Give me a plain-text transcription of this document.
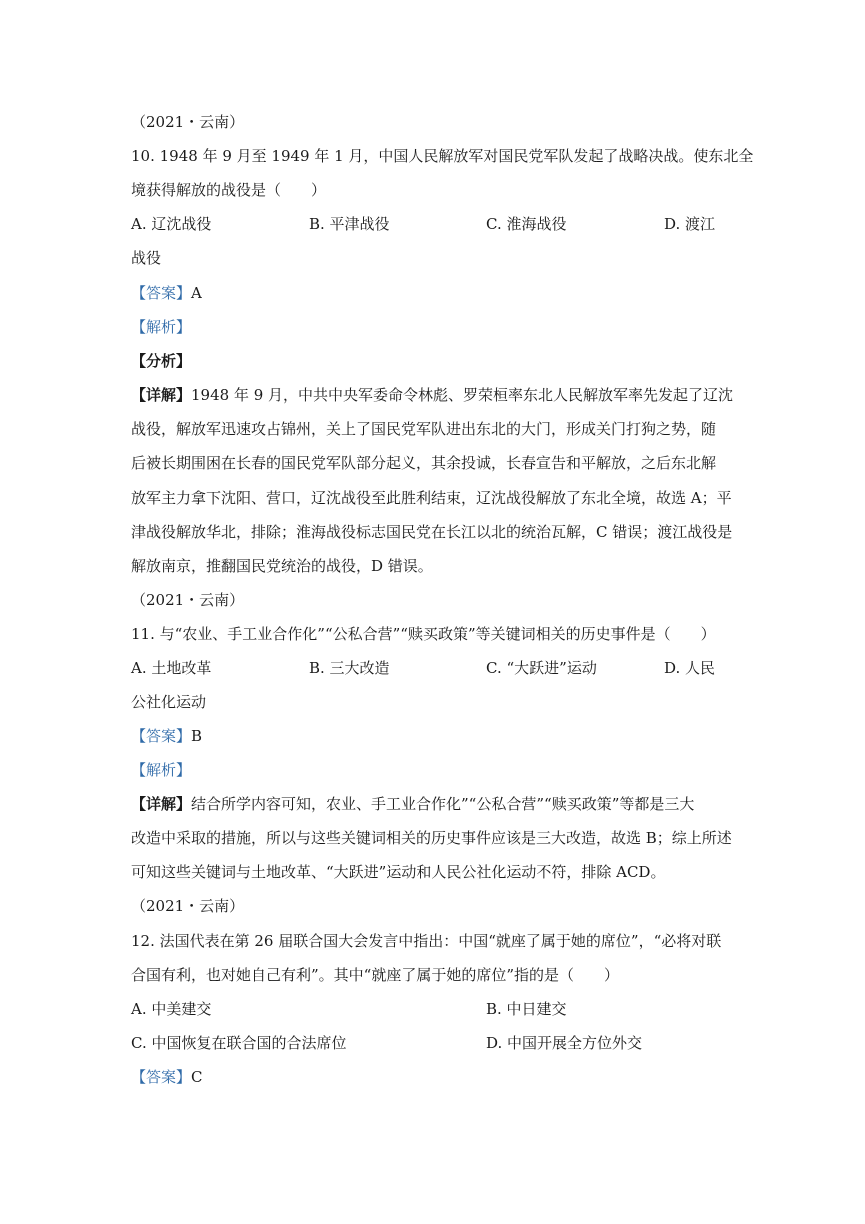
（2021・云南）
10. 1948 年 9 月至 1949 年 1 月，中国人民解放军对国民党军队发起了战略决战。使东北全
境获得解放的战役是（　　）
A. 辽沈战役	B. 平津战役	C. 淮海战役	D. 渡江
战役
【答案】A
【解析】
【分析】
【详解】1948 年 9 月，中共中央军委命令林彪、罗荣桓率东北人民解放军率先发起了辽沈
战役，解放军迅速攻占锦州，关上了国民党军队进出东北的大门，形成关门打狗之势，随
后被长期围困在长春的国民党军队部分起义，其余投诚，长春宣告和平解放，之后东北解
放军主力拿下沈阳、营口，辽沈战役至此胜利结束，辽沈战役解放了东北全境，故选 A；平
津战役解放华北，排除；淮海战役标志国民党在长江以北的统治瓦解，C 错误；渡江战役是
解放南京，推翻国民党统治的战役，D 错误。
（2021・云南）
11. 与“农业、手工业合作化”“公私合营”“赎买政策”等关键词相关的历史事件是（　　）
A. 土地改革	B. 三大改造	C. “大跃进”运动	D. 人民
公社化运动
【答案】B
【解析】
【详解】结合所学内容可知，农业、手工业合作化”“公私合营”“赎买政策”等都是三大
改造中采取的措施，所以与这些关键词相关的历史事件应该是三大改造，故选 B；综上所述
可知这些关键词与土地改革、“大跃进”运动和人民公社化运动不符，排除 ACD。
（2021・云南）
12. 法国代表在第 26 届联合国大会发言中指出：中国“就座了属于她的席位”，“必将对联
合国有利，也对她自己有利”。其中“就座了属于她的席位”指的是（　　）
A. 中美建交	B. 中日建交
C. 中国恢复在联合国的合法席位	D. 中国开展全方位外交
【答案】C
